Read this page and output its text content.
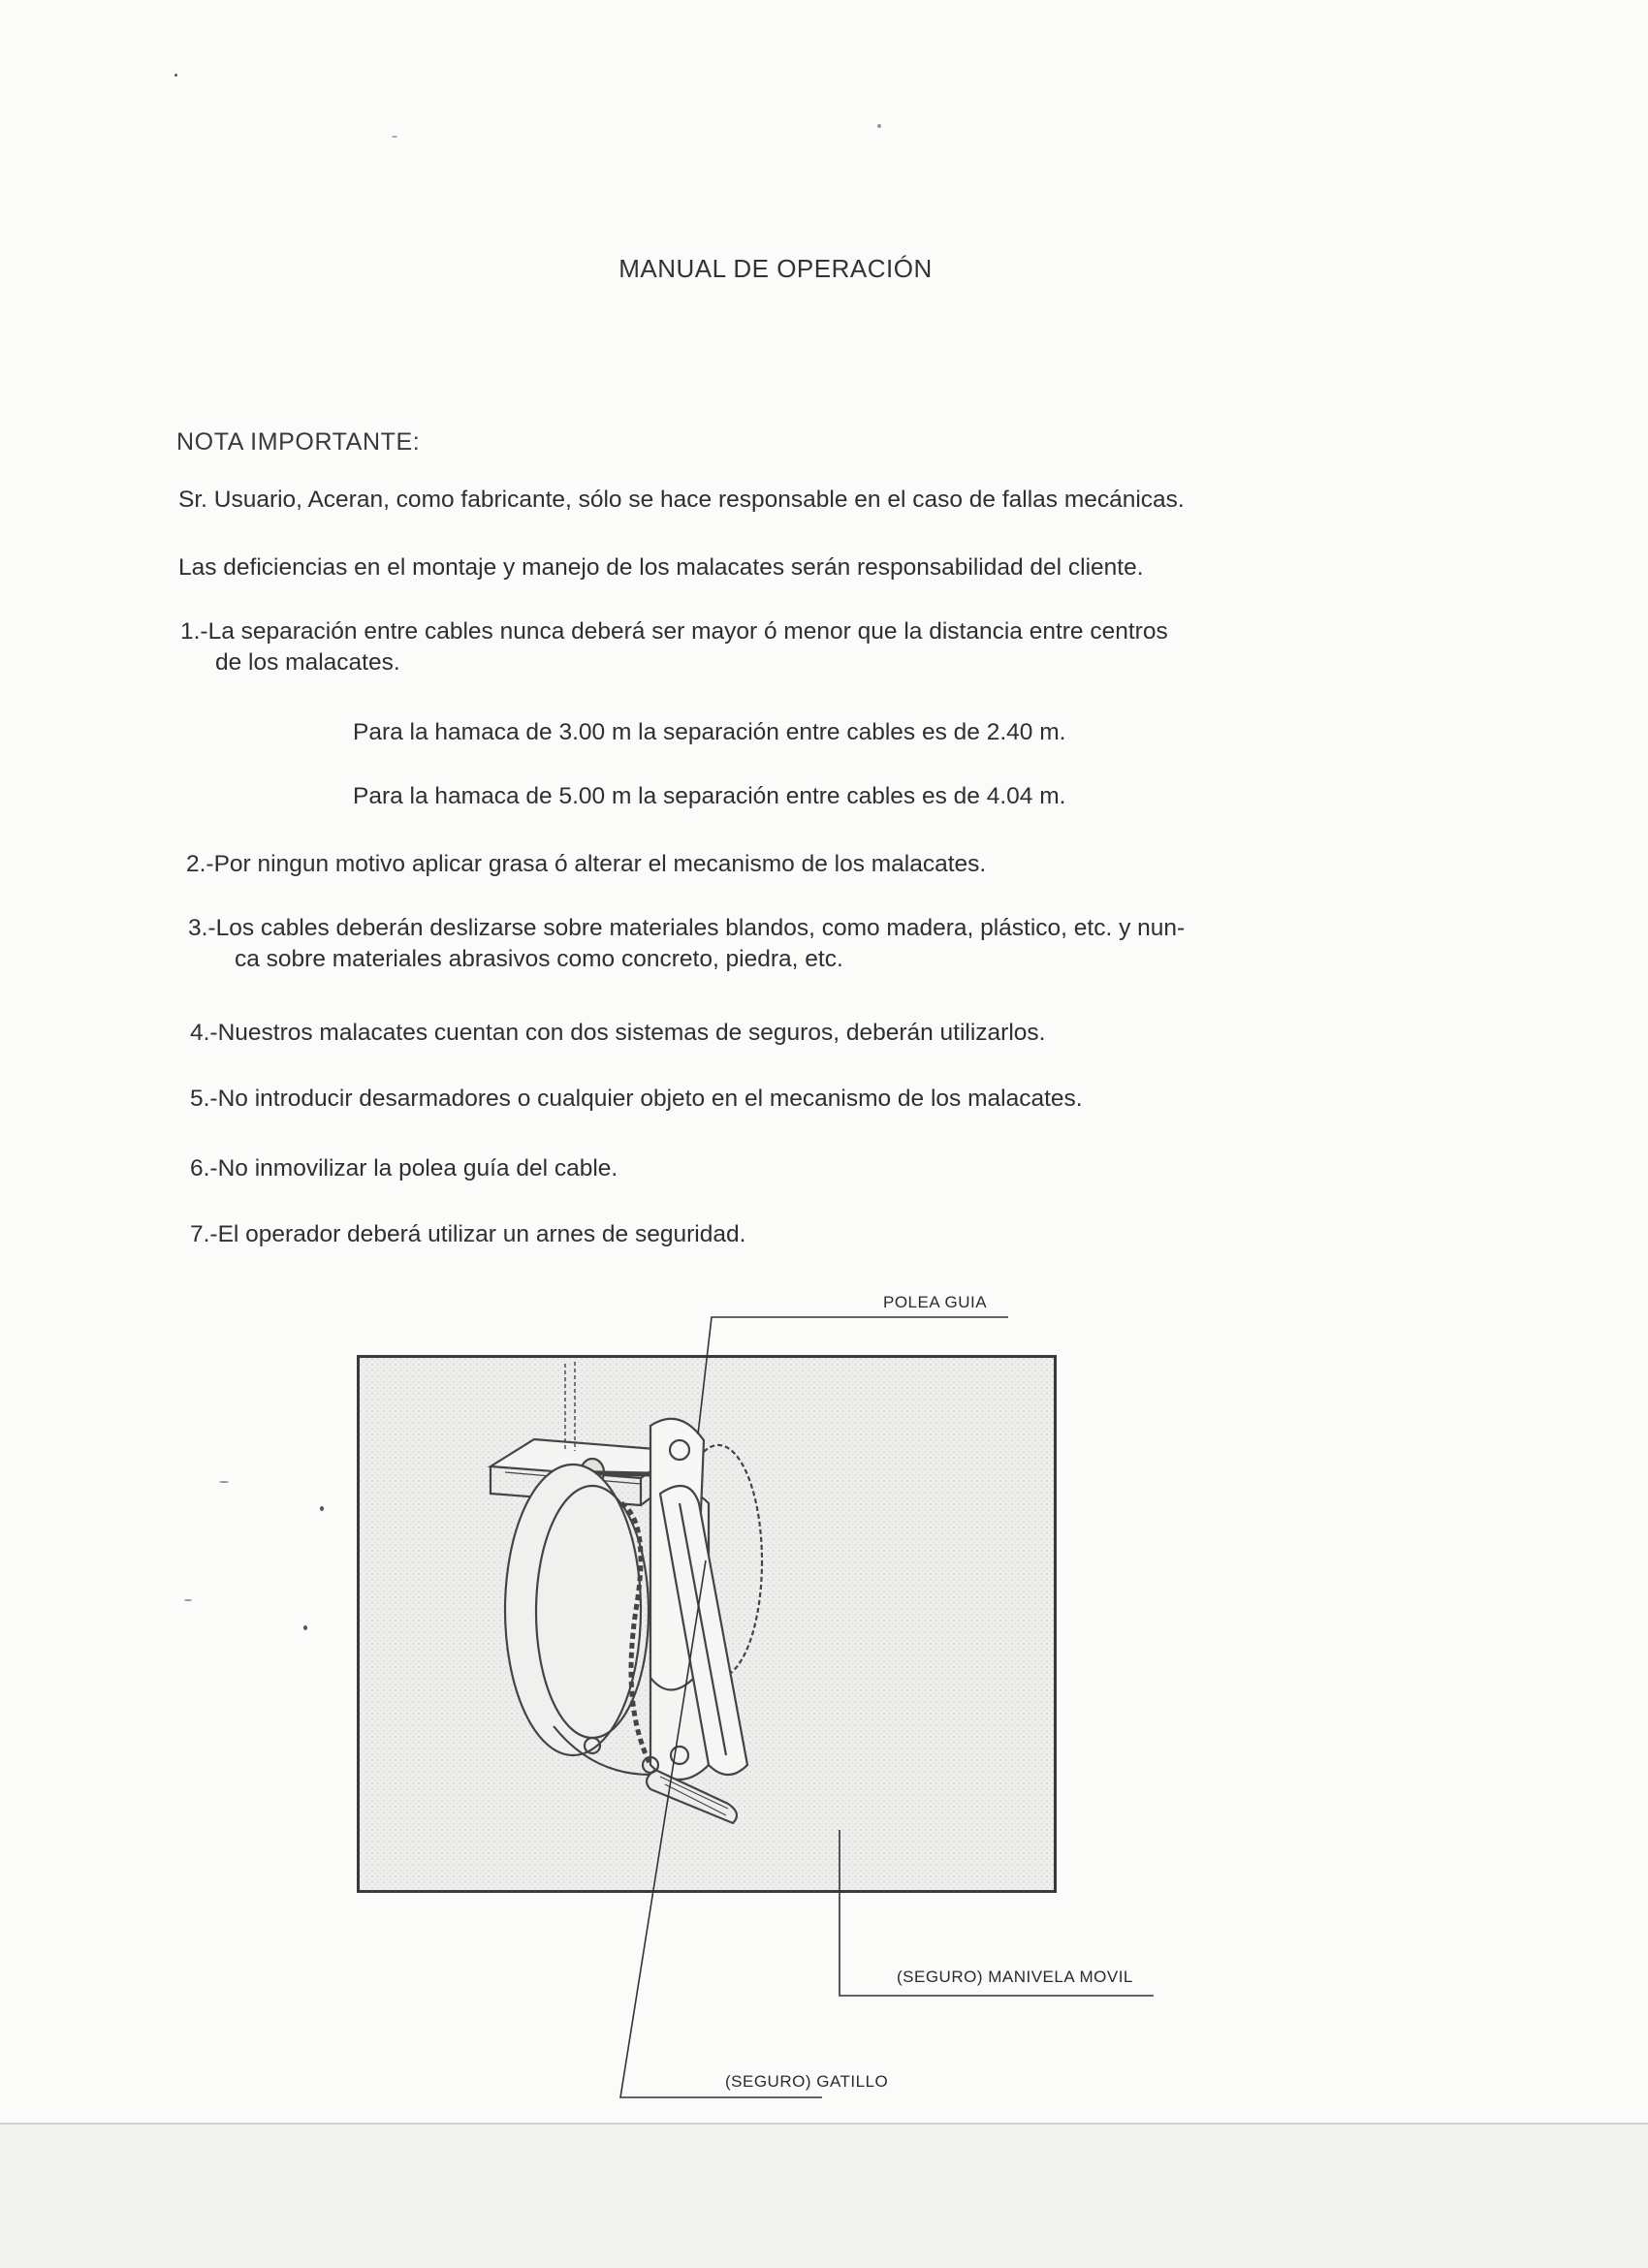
MANUAL DE OPERACIÓN
NOTA IMPORTANTE:
Sr. Usuario, Aceran, como fabricante, sólo se hace responsable en el caso de fallas mecánicas.
Las deficiencias en el montaje y manejo de los malacates serán responsabilidad del cliente.
1.-La separación entre cables nunca deberá ser mayor ó menor que la distancia entre centros
de los malacates.
Para la hamaca de 3.00 m la separación entre cables es de 2.40 m.
Para la hamaca de 5.00 m la separación entre cables es de 4.04 m.
2.-Por ningun motivo aplicar grasa ó alterar el mecanismo de los malacates.
3.-Los cables deberán deslizarse sobre materiales blandos, como madera, plástico, etc. y nun-
ca sobre materiales abrasivos como concreto, piedra, etc.
4.-Nuestros malacates cuentan con dos sistemas de seguros, deberán utilizarlos.
5.-No introducir desarmadores o cualquier objeto en el mecanismo de los malacates.
6.-No inmovilizar la polea guía del cable.
7.-El operador deberá utilizar un arnes de seguridad.
POLEA GUIA
(SEGURO) MANIVELA MOVIL
(SEGURO) GATILLO
